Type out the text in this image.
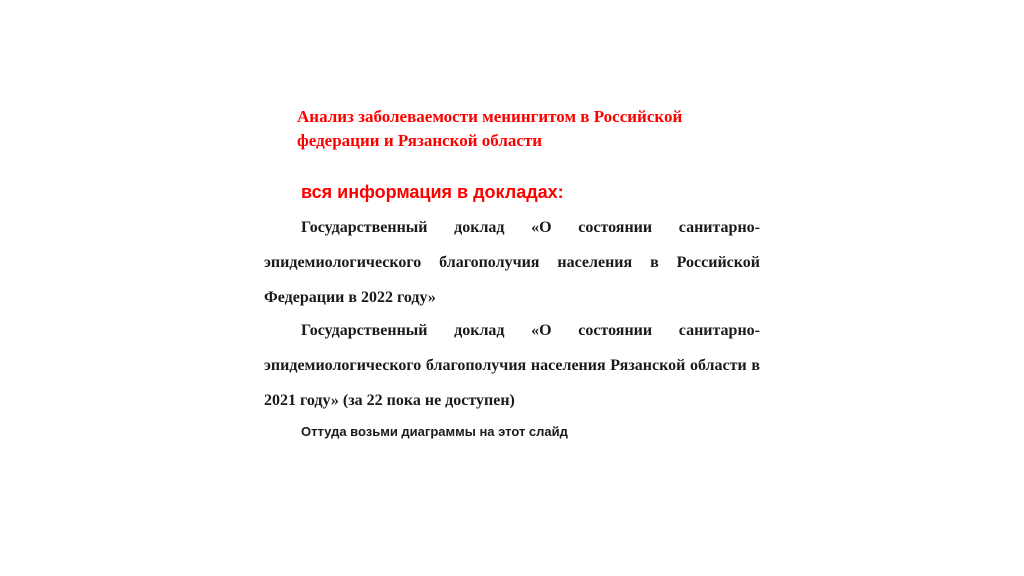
Анализ заболеваемости менингитом в Российской федерации и Рязанской области
вся информация в докладах:

Государственный доклад «О состоянии санитарно-эпидемиологического благополучия населения в Российской Федерации в 2022 году»

Государственный доклад «О состоянии санитарно-эпидемиологического благополучия населения Рязанской области в 2021 году» (за 22 пока не доступен)

Оттуда возьми диаграммы на этот слайд
